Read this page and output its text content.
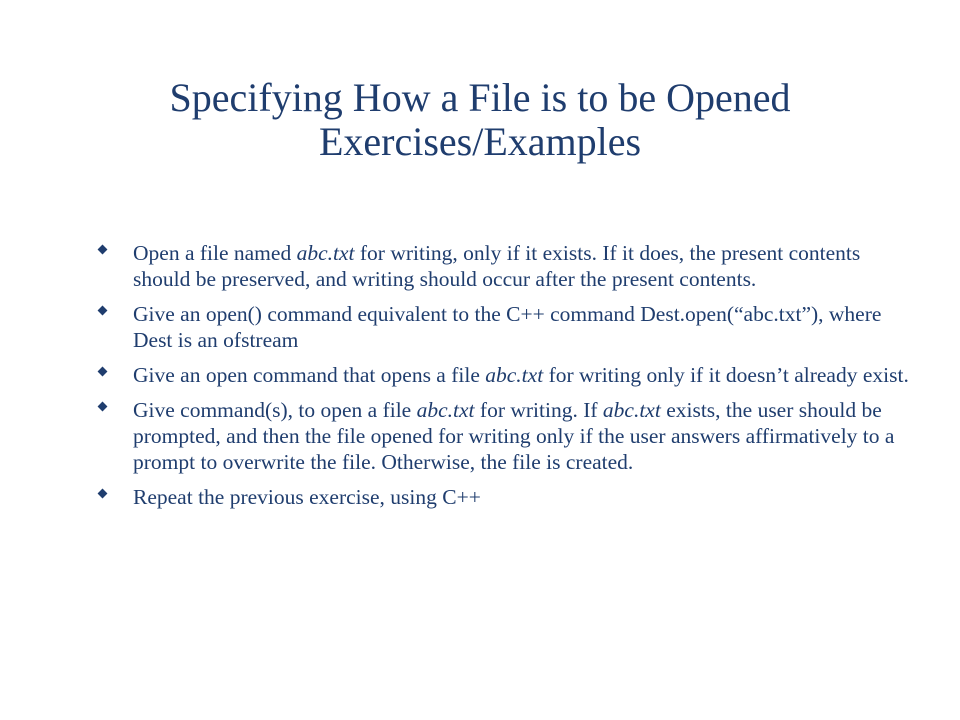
Specifying How a File is to be Opened
Exercises/Examples
Open a file named abc.txt for writing, only if it exists. If it does, the present contents should be preserved, and writing should occur after the present contents.
Give an open() command equivalent to the C++ command Dest.open(“abc.txt”), where Dest is an ofstream
Give an open command that opens a file abc.txt for writing only if it doesn’t already exist.
Give command(s), to open a file abc.txt for writing. If abc.txt exists, the user should be prompted, and then the file opened for writing only if the user answers affirmatively to a prompt to overwrite the file. Otherwise, the file is created.
Repeat the previous exercise, using C++
